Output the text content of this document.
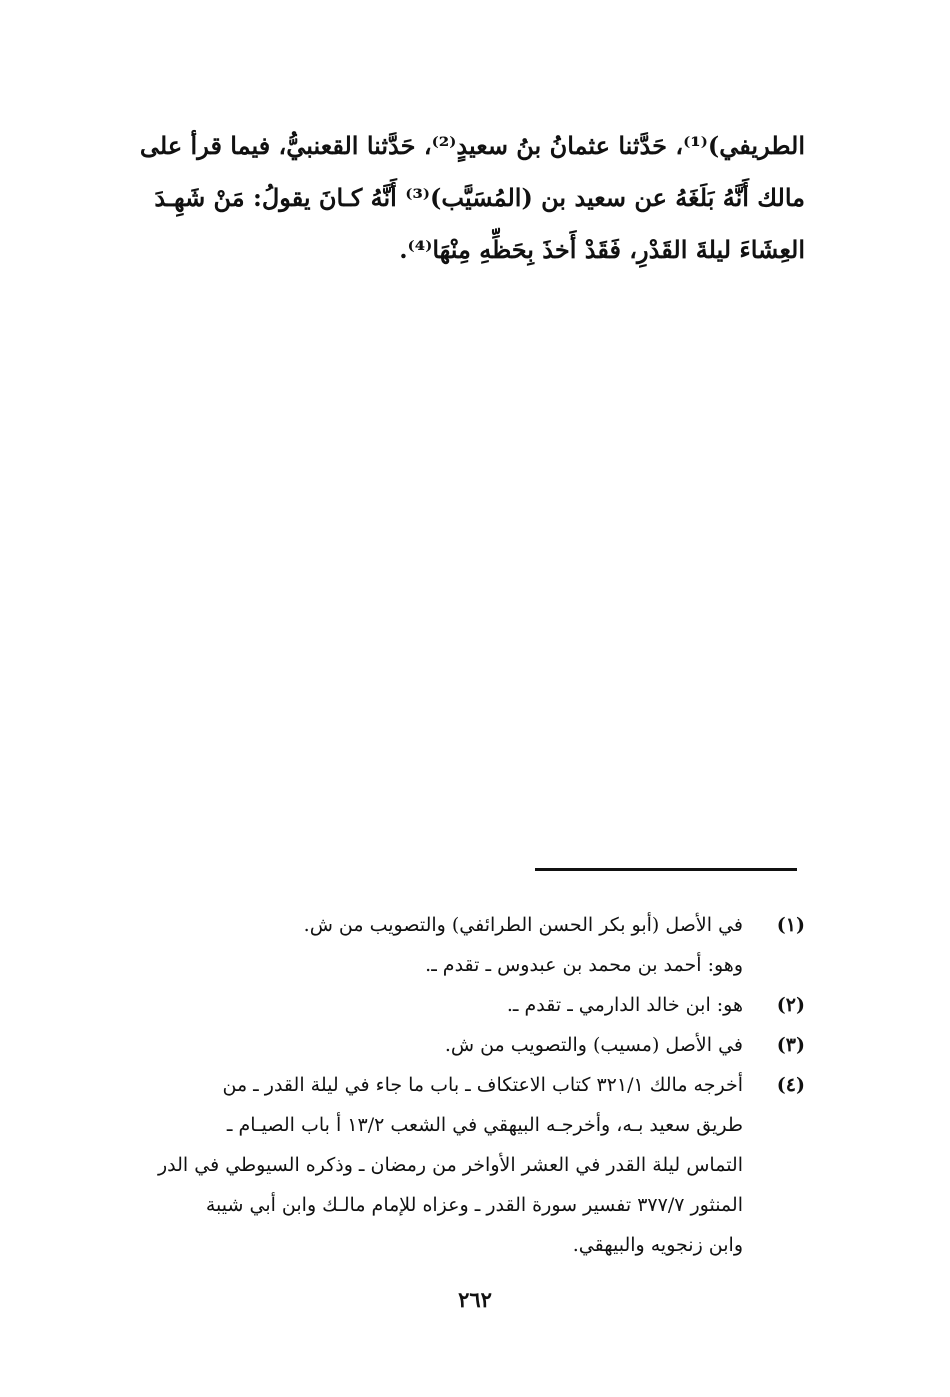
الطريفي)⁽¹⁾، حَدَّثنا عثمانُ بنُ سعيدٍ⁽²⁾، حَدَّثنا القعنبيُّ، فيما قرأ على
مالك أَنَّهُ بَلَغَهُ عن سعيد بن (المُسَيَّب)⁽³⁾ أَنَّهُ كـانَ يقولُ: مَنْ شَهِـدَ
العِشَاءَ ليلةَ القَدْرِ، فَقَدْ أَخذَ بِحَظِّهِ مِنْهَا⁽⁴⁾.
(١)
في الأصل (أبو بكر الحسن الطرائفي) والتصويب من ش.
وهو: أحمد بن محمد بن عبدوس ـ تقدم ـ.
(٢)
هو: ابن خالد الدارمي ـ تقدم ـ.
(٣)
في الأصل (مسيب) والتصويب من ش.
(٤)
أخرجه مالك ٣٢١/١ كتاب الاعتكاف ـ باب ما جاء في ليلة القدر ـ من
طريق سعيد بـه، وأخرجـه البيهقي في الشعب ١٣/٢ أ باب الصيـام ـ
التماس ليلة القدر في العشر الأواخر من رمضان ـ وذكره السيوطي في الدر
المنثور ٣٧٧/٧ تفسير سورة القدر ـ وعزاه للإمام مالـك وابن أبي شيبة
وابن زنجويه والبيهقي.
٢٦٢
